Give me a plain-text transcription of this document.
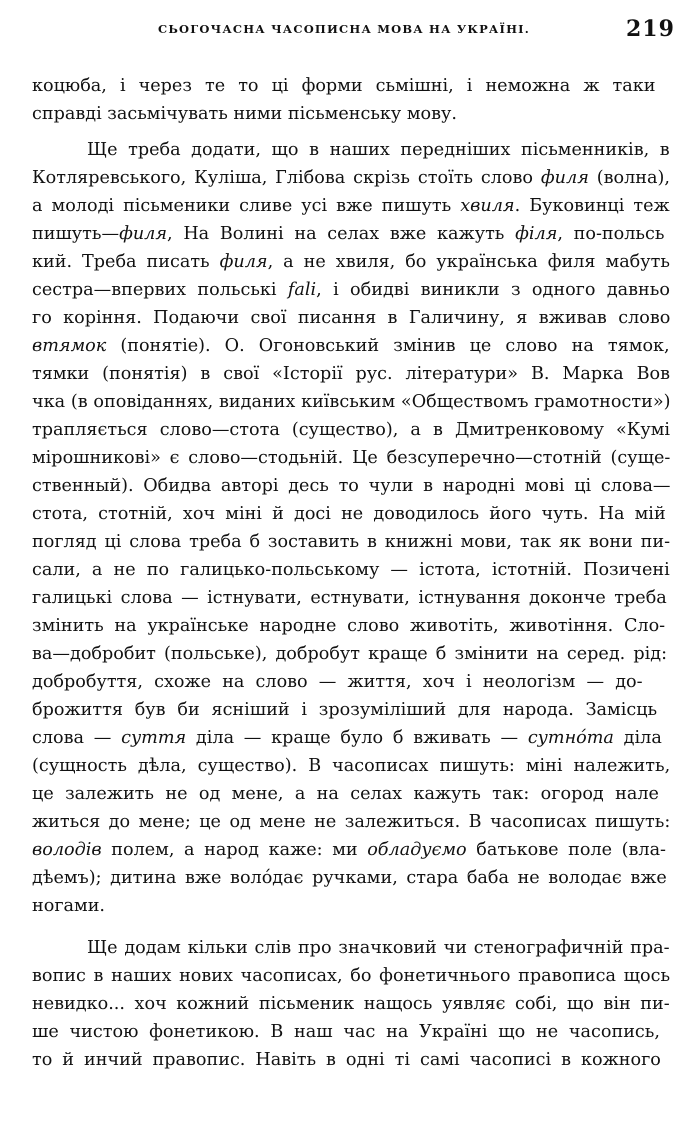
СЬОГОЧАСНА ЧАСОПИСНА МОВА НА УКРАЇНІ.	219
коцюба, і через те то ці форми сьмішні, і неможна ж таки
справді засьмічувать ними пісьменську мову.
Ще треба додати, що в наших передніших пісьменників, в
Котляревського, Куліша, Глібова скрізь стоїть слово филя (волна),
а молоді пісьменики сливе усі вже пишуть хвиля. Буковинці теж
пишуть—филя, На Волині на селах вже кажуть філя, по-польсь
кий. Треба писать филя, а не хвиля, бо українська филя мабуть
сестра—впервих польські falі, і обидві виникли з одного давньо
го коріння. Подаючи свої писання в Галичину, я вживав слово
втямок (понятіе). О. Огоновський змінив це слово на тямок,
тямки (понятія) в свої «Історії рус. літератури» В. Марка Вов
чка (в оповіданнях, виданих київським «Обществомъ грамотности»)
трапляється слово—стота (существо), а в Дмитренковому «Кумі
мірошникові» є слово—стодьній. Це безсуперечно—стотній (суще-
ственный). Обидва авторі десь то чули в народні мові ці слова—
стота, стотній, хоч міні й досі не доводилось його чуть. На мій
погляд ці слова треба б зоставить в книжні мови, так як вони пи-
сали, а не по галицько-польському — істота, істотній. Позичені
галицькі слова — істнувати, естнувати, істнування доконче треба
змінить на українське народне слово животіть, животіння. Сло-
ва—добробит (польське), добробут краще б змінити на серед. рід:
добробуття, схоже на слово — життя, хоч і неологізм — до-
брожиття був би ясніший і зрозуміліший для народа. Замісць
слова — суття діла — краще було б вживать — сутнóта діла
(сущность дѣла, существо). В часописах пишуть: міні належить,
це залежить не од мене, а на селах кажуть так: огород нале
житься до мене; це од мене не залежиться. В часописах пишуть:
володів полем, а народ каже: ми обладуємо батькове поле (вла-
дѣемъ); дитина вже волóдає ручками, стара баба не володає вже
ногами.
Ще додам кільки слів про значковий чи стенографичній пра-
вопис в наших нових часописах, бо фонетичнього правописа щось
невидко... хоч кожний пісьменик нащось уявляє собі, що він пи-
ше чистою фонетикою. В наш час на Україні що не часопись,
то й инчий правопис. Навіть в одні ті самі часописі в кожного
